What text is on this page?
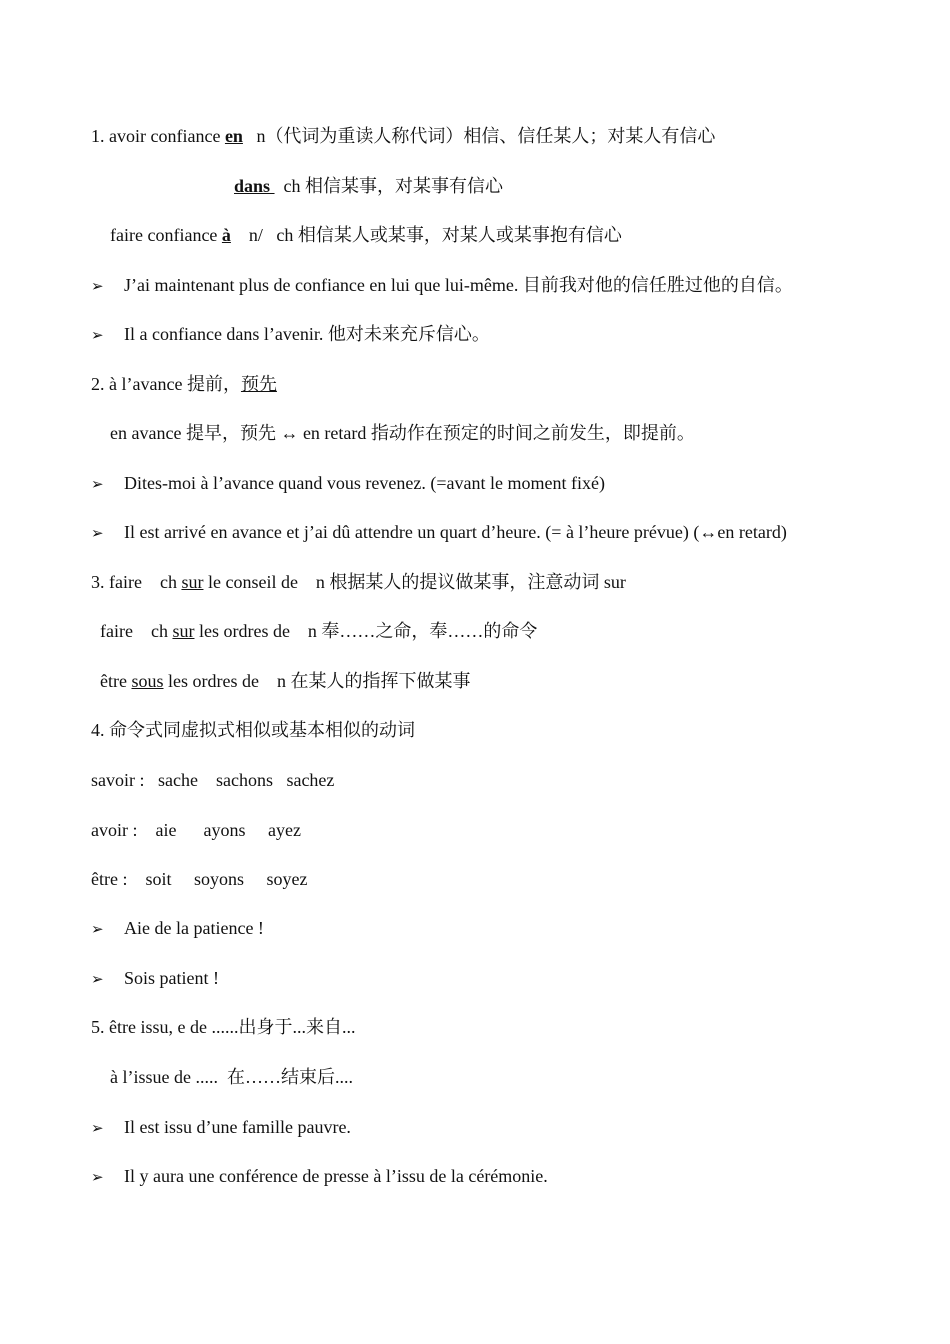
1. avoir confiance en   n（代词为重读人称代词）相信、信任某人；对某人有信心
dans   ch 相信某事，对某事有信心
faire confiance à    n/   ch 相信某人或某事，对某人或某事抱有信心
➢ J’ai maintenant plus de confiance en lui que lui-même. 目前我对他的信任胜过他的自信。
➢ Il a confiance dans l’avenir. 他对未来充斥信心。
2. à l’avance 提前，预先
en avance 提早，预先 ↔ en retard 指动作在预定的时间之前发生，即提前。
➢ Dites-moi à l’avance quand vous revenez. (=avant le moment fixé)
➢ Il est arrivé en avance et j’ai dû attendre un quart d’heure. (= à l’heure prévue) (↔en retard)
3. faire    ch sur le conseil de    n 根据某人的提议做某事，注意动词 sur
faire    ch sur les ordres de    n 奉……之命，奉……的命令
être sous les ordres de    n 在某人的指挥下做某事
4. 命令式同虚拟式相似或基本相似的动词
savoir :   sache    sachons   sachez
avoir :    aie      ayons     ayez
être :    soit     soyons     soyez
➢ Aie de la patience !
➢ Sois patient !
5. être issu, e de ......出身于...来自...
à l’issue de .....  在……结束后....
➢ Il est issu d’une famille pauvre.
➢ Il y aura une conférence de presse à l’issu de la cérémonie.
